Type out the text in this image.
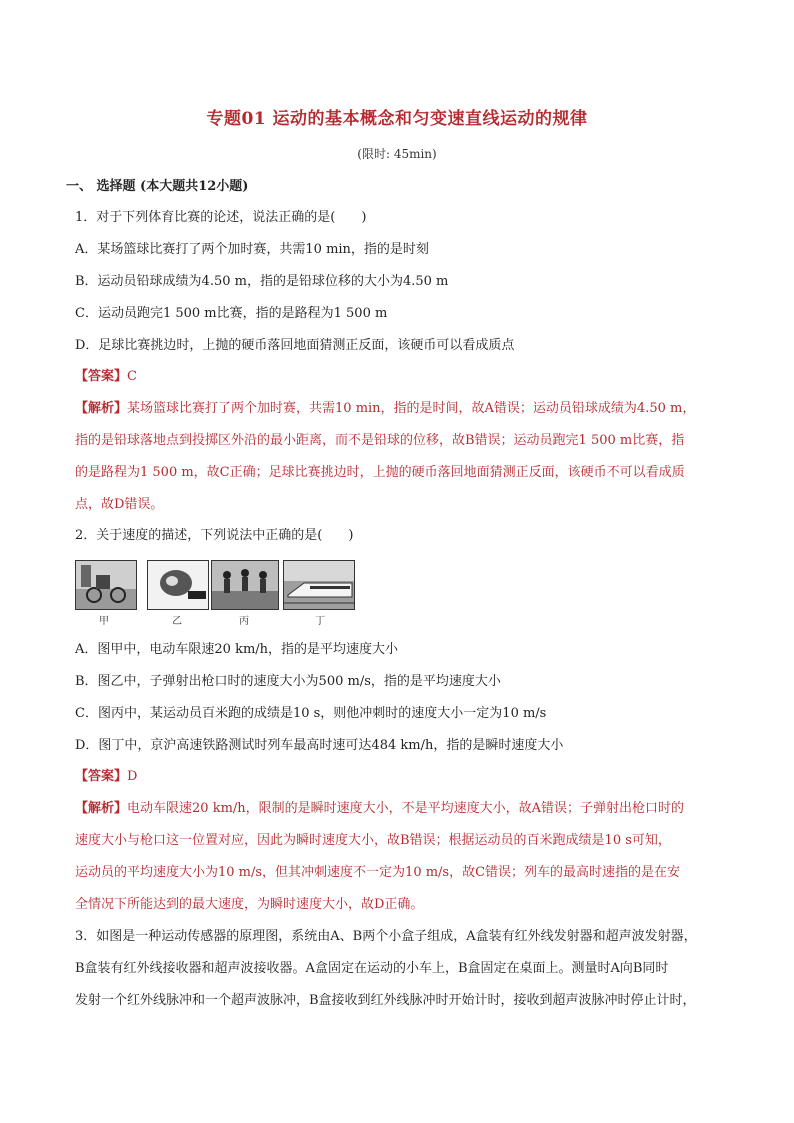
专题01 运动的基本概念和匀变速直线运动的规律
(限时: 45min)
一、 选择题 (本大题共12小题)
1．对于下列体育比赛的论述，说法正确的是(　　)
A．某场篮球比赛打了两个加时赛，共需10 min，指的是时刻
B．运动员铅球成绩为4.50 m，指的是铅球位移的大小为4.50 m
C．运动员跑完1 500 m比赛，指的是路程为1 500 m
D．足球比赛挑边时，上抛的硬币落回地面猜测正反面，该硬币可以看成质点
【答案】C
【解析】某场篮球比赛打了两个加时赛，共需10 min，指的是时间，故A错误；运动员铅球成绩为4.50 m，
指的是铅球落地点到投掷区外沿的最小距离，而不是铅球的位移，故B错误；运动员跑完1 500 m比赛，指
的是路程为1 500 m，故C正确；足球比赛挑边时，上抛的硬币落回地面猜测正反面，该硬币不可以看成质
点，故D错误。
2．关于速度的描述，下列说法中正确的是(　　)
甲	乙	丙	丁
A．图甲中，电动车限速20 km/h，指的是平均速度大小
B．图乙中，子弹射出枪口时的速度大小为500 m/s，指的是平均速度大小
C．图丙中，某运动员百米跑的成绩是10 s，则他冲刺时的速度大小一定为10 m/s
D．图丁中，京沪高速铁路测试时列车最高时速可达484 km/h，指的是瞬时速度大小
【答案】D
【解析】电动车限速20 km/h，限制的是瞬时速度大小，不是平均速度大小，故A错误；子弹射出枪口时的
速度大小与枪口这一位置对应，因此为瞬时速度大小，故B错误；根据运动员的百米跑成绩是10 s可知，
运动员的平均速度大小为10 m/s，但其冲刺速度不一定为10 m/s，故C错误；列车的最高时速指的是在安
全情况下所能达到的最大速度，为瞬时速度大小，故D正确。
3．如图是一种运动传感器的原理图，系统由A、B两个小盒子组成，A盒装有红外线发射器和超声波发射器，
B盒装有红外线接收器和超声波接收器。A盒固定在运动的小车上，B盒固定在桌面上。测量时A向B同时
发射一个红外线脉冲和一个超声波脉冲，B盒接收到红外线脉冲时开始计时，接收到超声波脉冲时停止计时，
